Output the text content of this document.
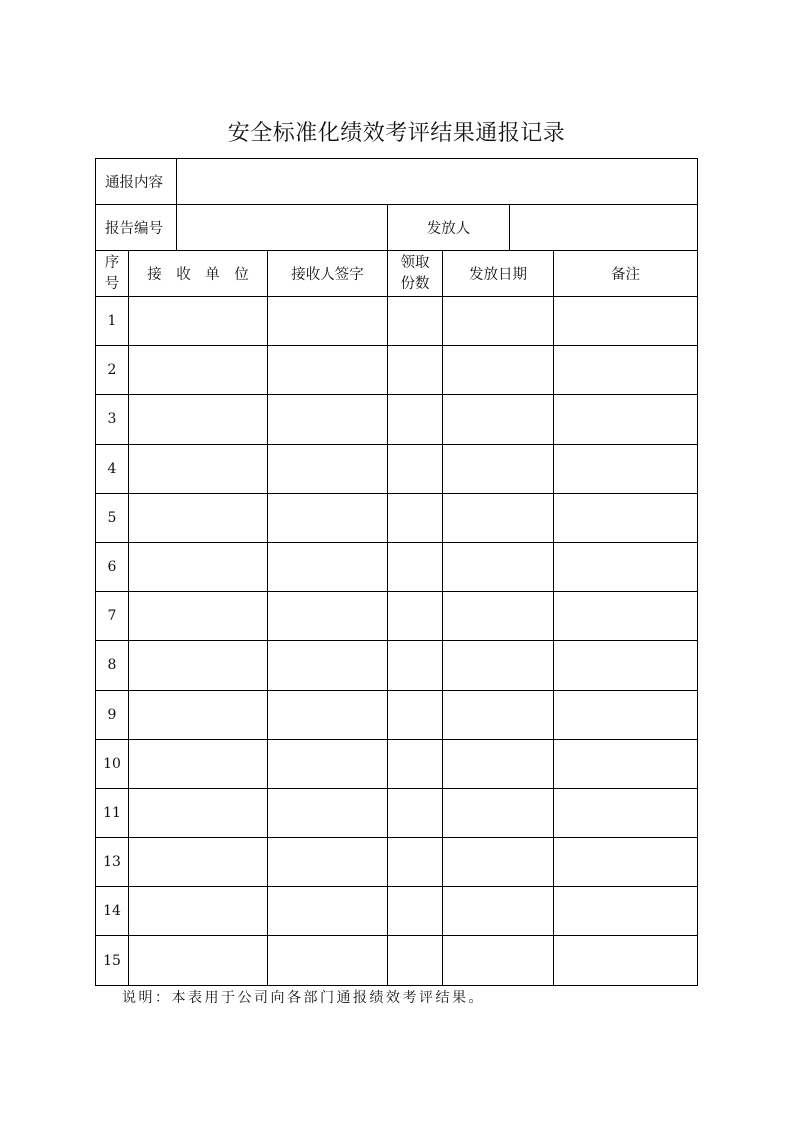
安全标准化绩效考评结果通报记录
通报内容			
报告编号		发放人	
序号	接　收　单　位	接收人签字	领取份数	发放日期	备注
1					
2					
3					
4					
5					
6					
7					
8					
9					
10					
11					
13					
14					
15					
说明：本表用于公司向各部门通报绩效考评结果。
